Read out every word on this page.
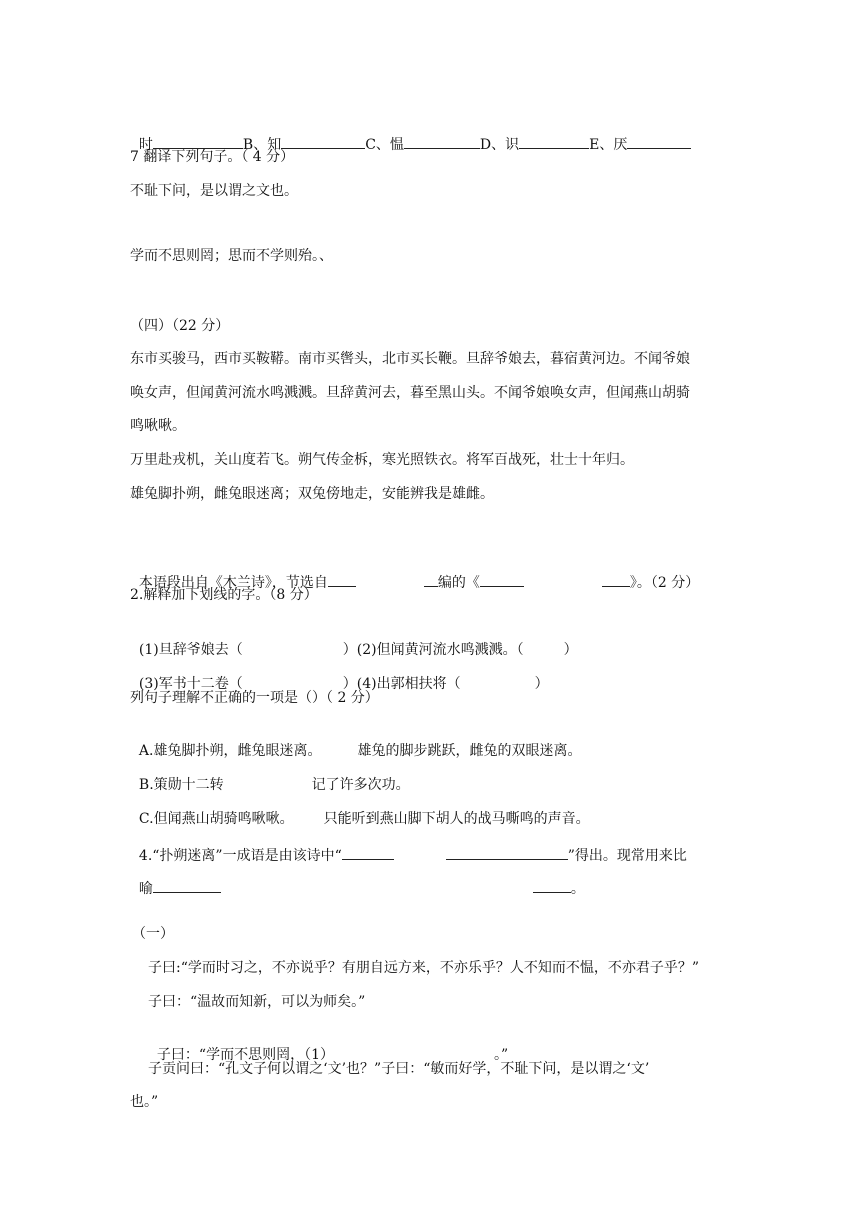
时	B、知	C、愠	D、识	E、厌

7 翻译下列句子。（ 4 分）
不耻下问，是以谓之文也。
学而不思则罔；思而不学则殆。、
（四）（22 分）
东市买骏马，西市买鞍鞯。南市买辔头，北市买长鞭。旦辞爷娘去，暮宿黄河边。不闻爷娘
唤女声，但闻黄河流水鸣溅溅。旦辞黄河去，暮至黑山头。不闻爷娘唤女声，但闻燕山胡骑
鸣啾啾。
万里赴戎机，关山度若飞。朔气传金柝，寒光照铁衣。将军百战死，壮士十年归。
雄兔脚扑朔，雌兔眼迷离；双兔傍地走，安能辨我是雄雌。

本语段出自《木兰诗》，节选自	编的《	》。（2 分）

2.解释加下划线的字。（8 分）

(1)旦辞爷娘去（	）(2)但闻黄河流水鸣溅溅。（	）

(3)军书十二卷（	）(4)出郭相扶将（	）

列句子理解不正确的一项是（）（ 2 分）

A.雄兔脚扑朔，雌兔眼迷离。	雄兔的脚步跳跃，雌兔的双眼迷离。

B.策勋十二转	记了许多次功。

C.但闻燕山胡骑鸣啾啾。 只能听到燕山脚下胡人的战马嘶鸣的声音。

4.“扑朔迷离”一成语是由该诗中“	”得出。现常用来比

喻	。

（一）
子曰:“学而时习之，不亦说乎？有朋自远方来，不亦乐乎？人不知而不愠，不亦君子乎？”
子曰：“温故而知新，可以为师矣。”

子曰：“学而不思则罔，（1）	。”

子贡问曰：“孔文子何以谓之‘文’也？”子曰：“敏而好学，不耻下问，是以谓之‘文’
也。”
